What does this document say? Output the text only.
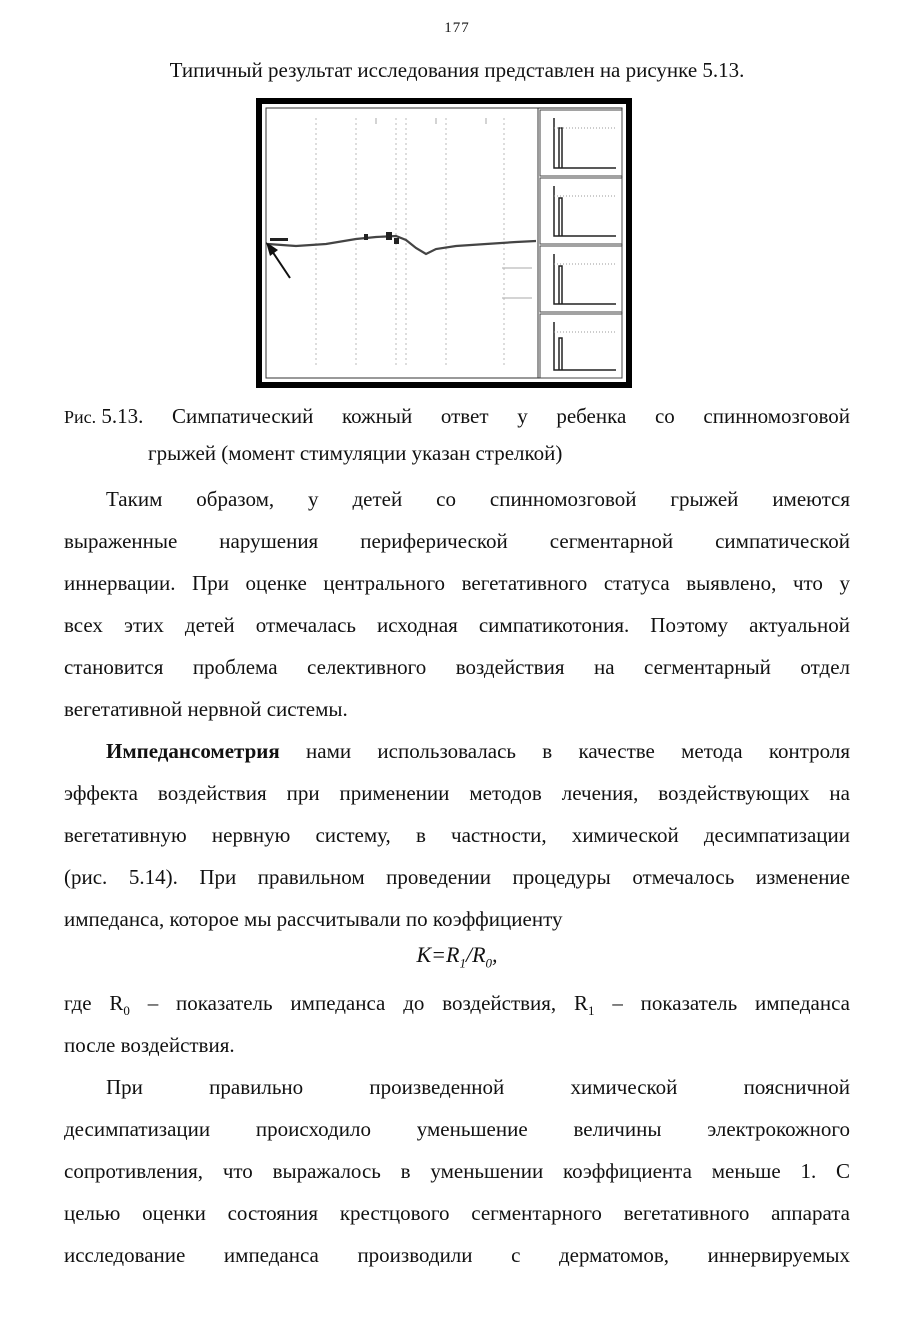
177
Типичный результат исследования представлен на рисунке 5.13.
Рис. 5.13. Симпатический кожный ответ у ребенка со спинномозговой
грыжей (момент стимуляции указан стрелкой)
Таким образом, у детей со спинномозговой грыжей имеются
выраженные нарушения периферической сегментарной симпатической
иннервации. При оценке центрального вегетативного статуса выявлено, что у
всех этих детей отмечалась исходная симпатикотония. Поэтому актуальной
становится проблема селективного воздействия на сегментарный отдел
вегетативной нервной системы.
Импедансометрия нами использовалась в качестве метода контроля
эффекта воздействия при применении методов лечения, воздействующих на
вегетативную нервную систему, в частности, химической десимпатизации
(рис. 5.14). При правильном проведении процедуры отмечалось изменение
импеданса, которое мы рассчитывали по коэффициенту
$K=R_1/R_0$,
где $R_0$ – показатель импеданса до воздействия, $R_1$ – показатель импеданса
после воздействия.
При правильно произведенной химической поясничной
десимпатизации происходило уменьшение величины электрокожного
сопротивления, что выражалось в уменьшении коэффициента меньше 1. С
целью оценки состояния крестцового сегментарного вегетативного аппарата
исследование импеданса производили с дерматомов, иннервируемых
